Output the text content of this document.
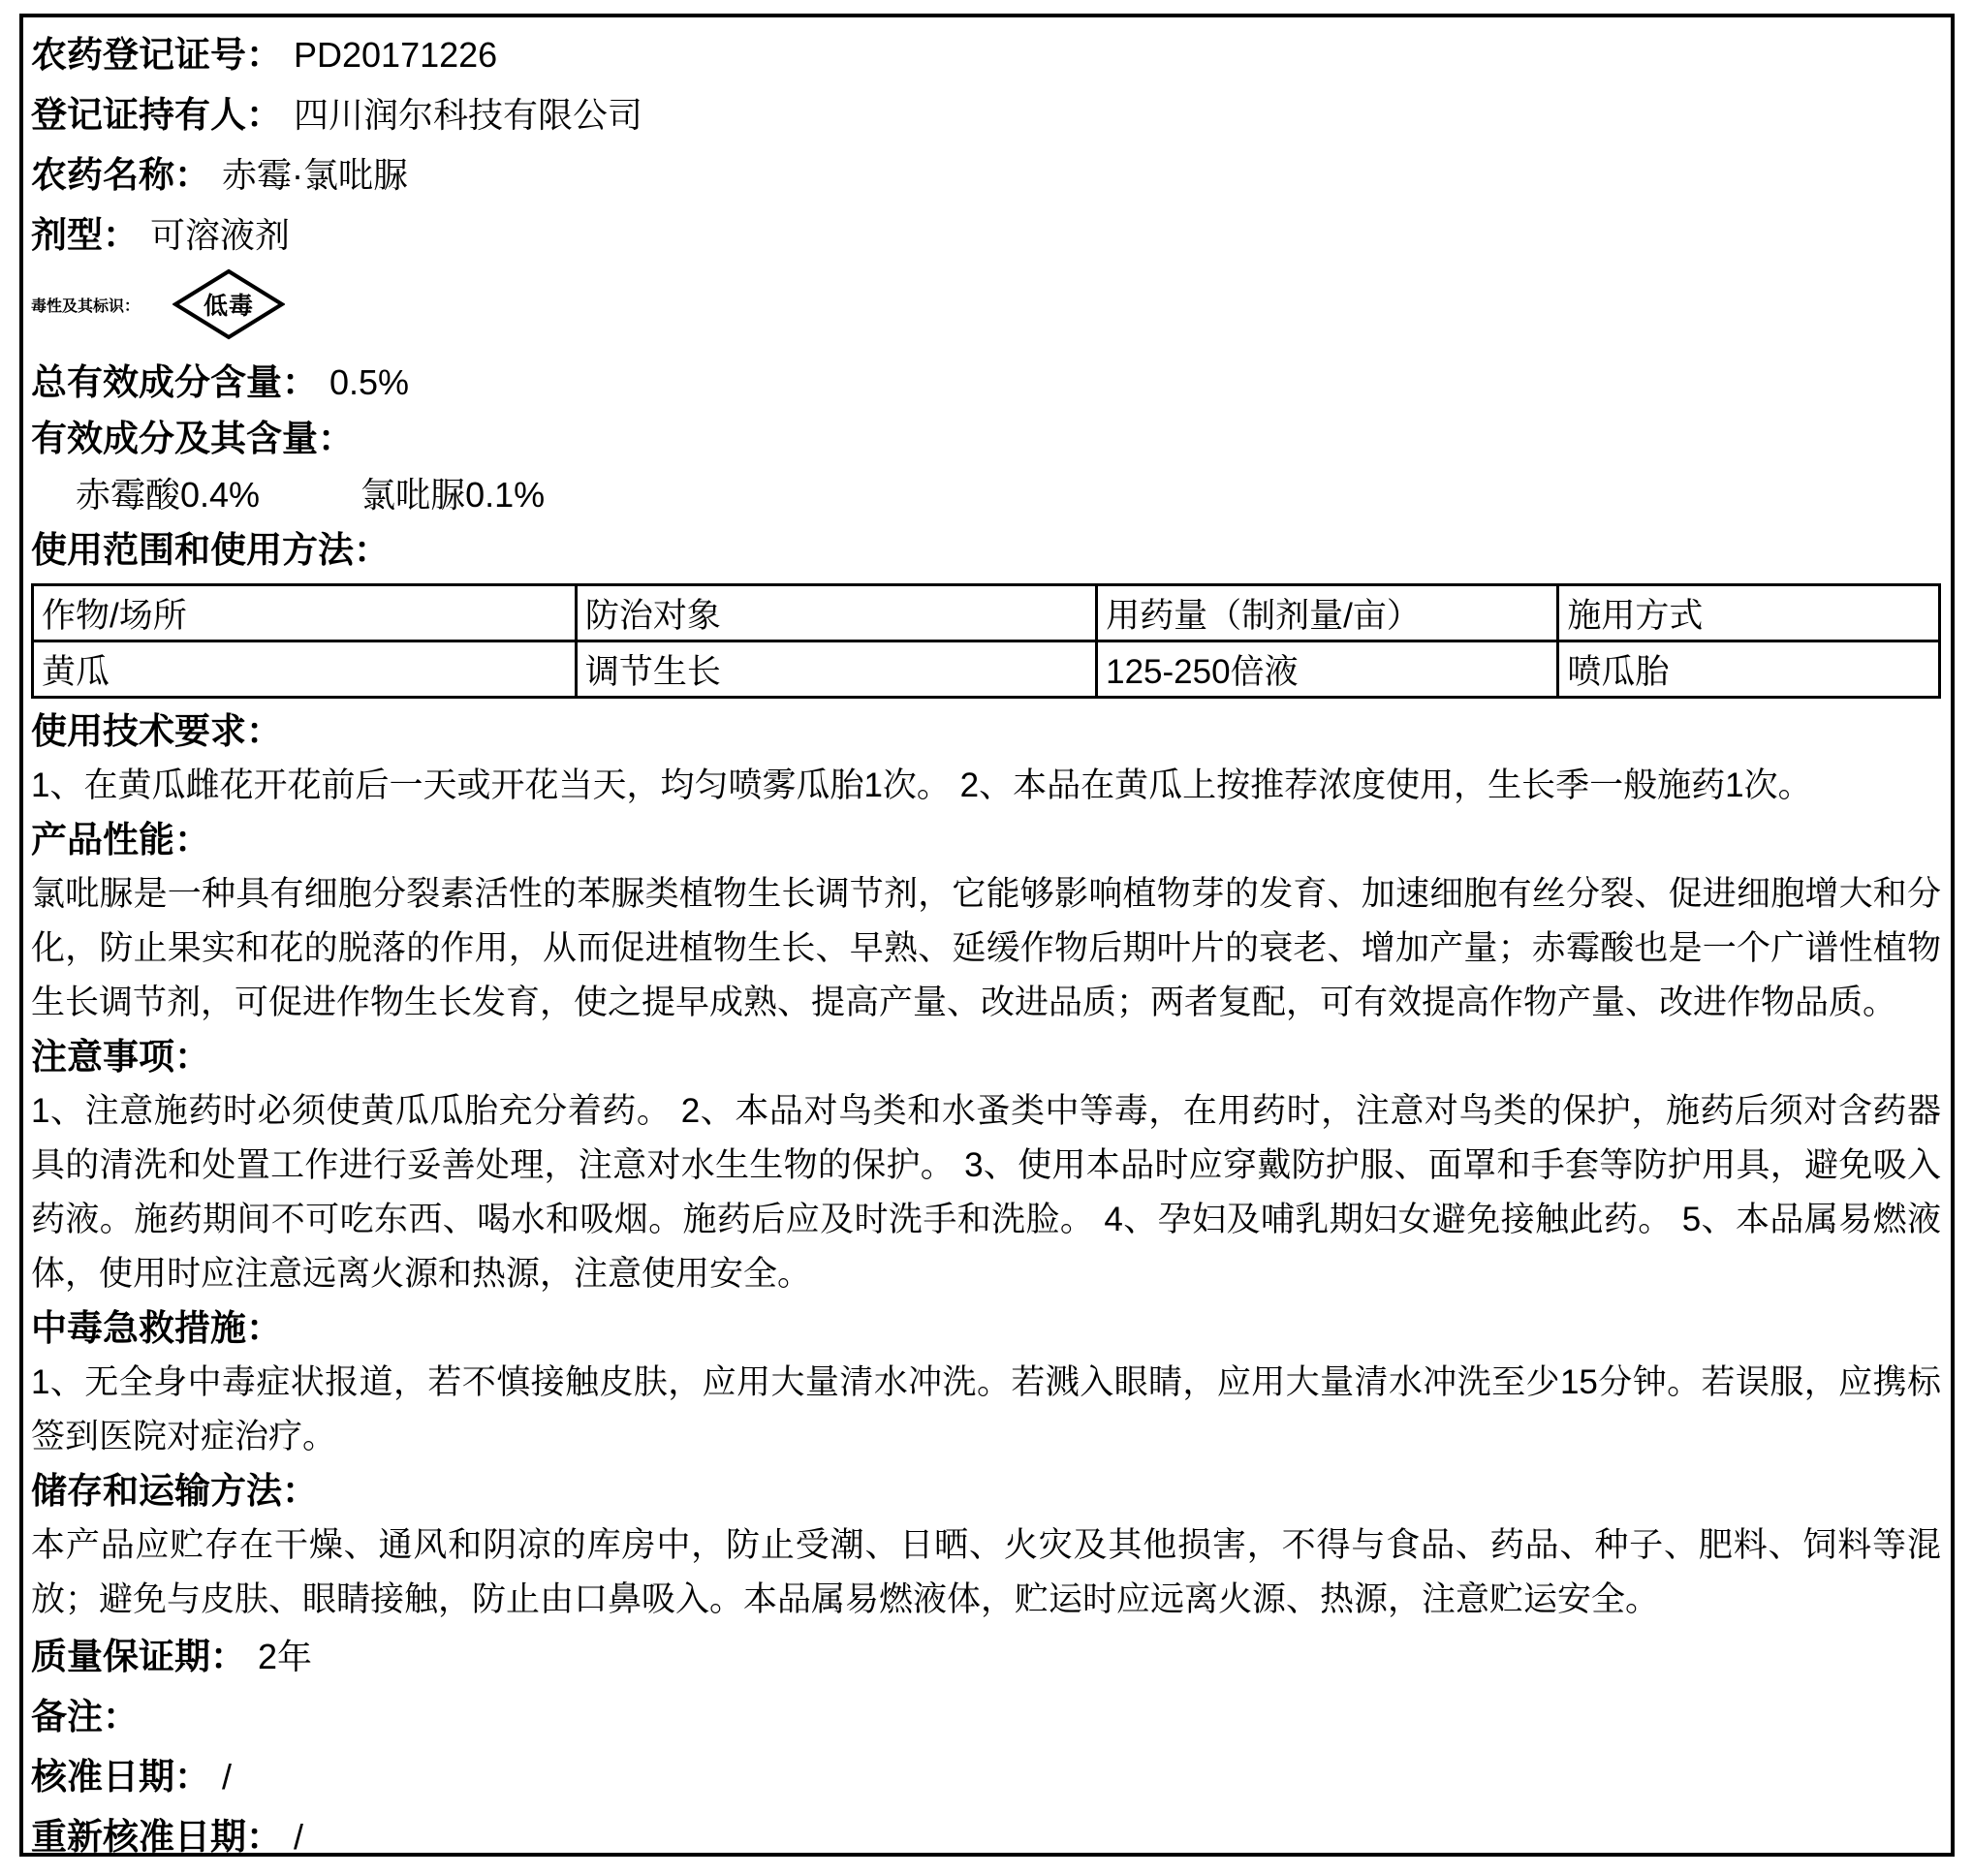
农药登记证号： PD20171226
登记证持有人： 四川润尔科技有限公司
农药名称： 赤霉·氯吡脲
剂型： 可溶液剂
毒性及其标识：	低毒
总有效成分含量： 0.5%
有效成分及其含量：
赤霉酸0.4%	氯吡脲0.1%
使用范围和使用方法：
作物/场所	防治对象	用药量（制剂量/亩）	施用方式
黄瓜	调节生长	125-250倍液	喷瓜胎
使用技术要求：
1、在黄瓜雌花开花前后一天或开花当天，均匀喷雾瓜胎1次。 2、本品在黄瓜上按推荐浓度使用，生长季一般施药1次。
产品性能：
氯吡脲是一种具有细胞分裂素活性的苯脲类植物生长调节剂，它能够影响植物芽的发育、加速细胞有丝分裂、促进细胞增大和分化，防止果实和花的脱落的作用，从而促进植物生长、早熟、延缓作物后期叶片的衰老、增加产量；赤霉酸也是一个广谱性植物生长调节剂，可促进作物生长发育，使之提早成熟、提高产量、改进品质；两者复配，可有效提高作物产量、改进作物品质。
注意事项：
1、注意施药时必须使黄瓜瓜胎充分着药。 2、本品对鸟类和水蚤类中等毒，在用药时，注意对鸟类的保护，施药后须对含药器具的清洗和处置工作进行妥善处理，注意对水生生物的保护。 3、使用本品时应穿戴防护服、面罩和手套等防护用具，避免吸入药液。施药期间不可吃东西、喝水和吸烟。施药后应及时洗手和洗脸。 4、孕妇及哺乳期妇女避免接触此药。 5、本品属易燃液体，使用时应注意远离火源和热源，注意使用安全。
中毒急救措施：
1、无全身中毒症状报道，若不慎接触皮肤，应用大量清水冲洗。若溅入眼睛，应用大量清水冲洗至少15分钟。若误服，应携标签到医院对症治疗。
储存和运输方法：
本产品应贮存在干燥、通风和阴凉的库房中，防止受潮、日晒、火灾及其他损害，不得与食品、药品、种子、肥料、饲料等混放；避免与皮肤、眼睛接触，防止由口鼻吸入。本品属易燃液体，贮运时应远离火源、热源，注意贮运安全。
质量保证期： 2年
备注：
核准日期： /
重新核准日期： /
